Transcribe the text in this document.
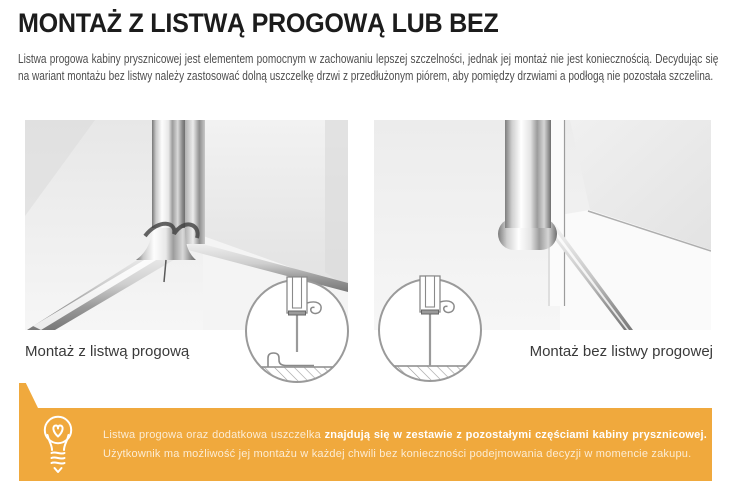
MONTAŻ Z LISTWĄ PROGOWĄ LUB BEZ

Listwa progowa kabiny prysznicowej jest elementem pomocnym w zachowaniu lepszej szczelności, jednak jej montaż nie jest koniecznością. Decydując się na wariant montażu bez listwy należy zastosować dolną uszczelkę drzwi z przedłużonym piórem, aby pomiędzy drzwiami a podłogą nie pozostała szczelina.

Montaż z listwą progową	Montaż bez listwy progowej
Listwa progowa oraz dodatkowa uszczelka znajdują się w zestawie z pozostałymi częściami kabiny prysznicowej.
Użytkownik ma możliwość jej montażu w każdej chwili bez konieczności podejmowania decyzji w momencie zakupu.
